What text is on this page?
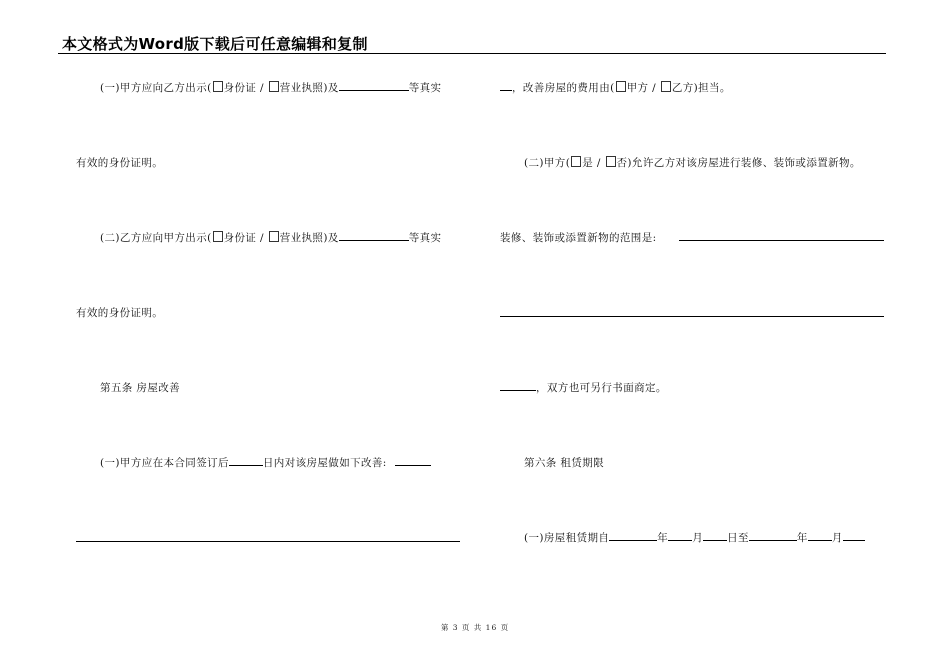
本文格式为Word版下载后可任意编辑和复制
(一)甲方应向乙方出示( 身份证 / 营业执照)及	等真实
有效的身份证明。
(二)乙方应向甲方出示( 身份证 / 营业执照)及	等真实
有效的身份证明。
第五条 房屋改善
(一)甲方应在本合同签订后	日内对该房屋做如下改善:
，改善房屋的费用由( 甲方 / 乙方)担当。
(二)甲方( 是 / 否)允许乙方对该房屋进行装修、装饰或添置新物。
装修、装饰或添置新物的范围是:
，双方也可另行书面商定。
第六条 租赁期限
(一)房屋租赁期自	年 月 日至	年 月
第 3 页 共 16 页
